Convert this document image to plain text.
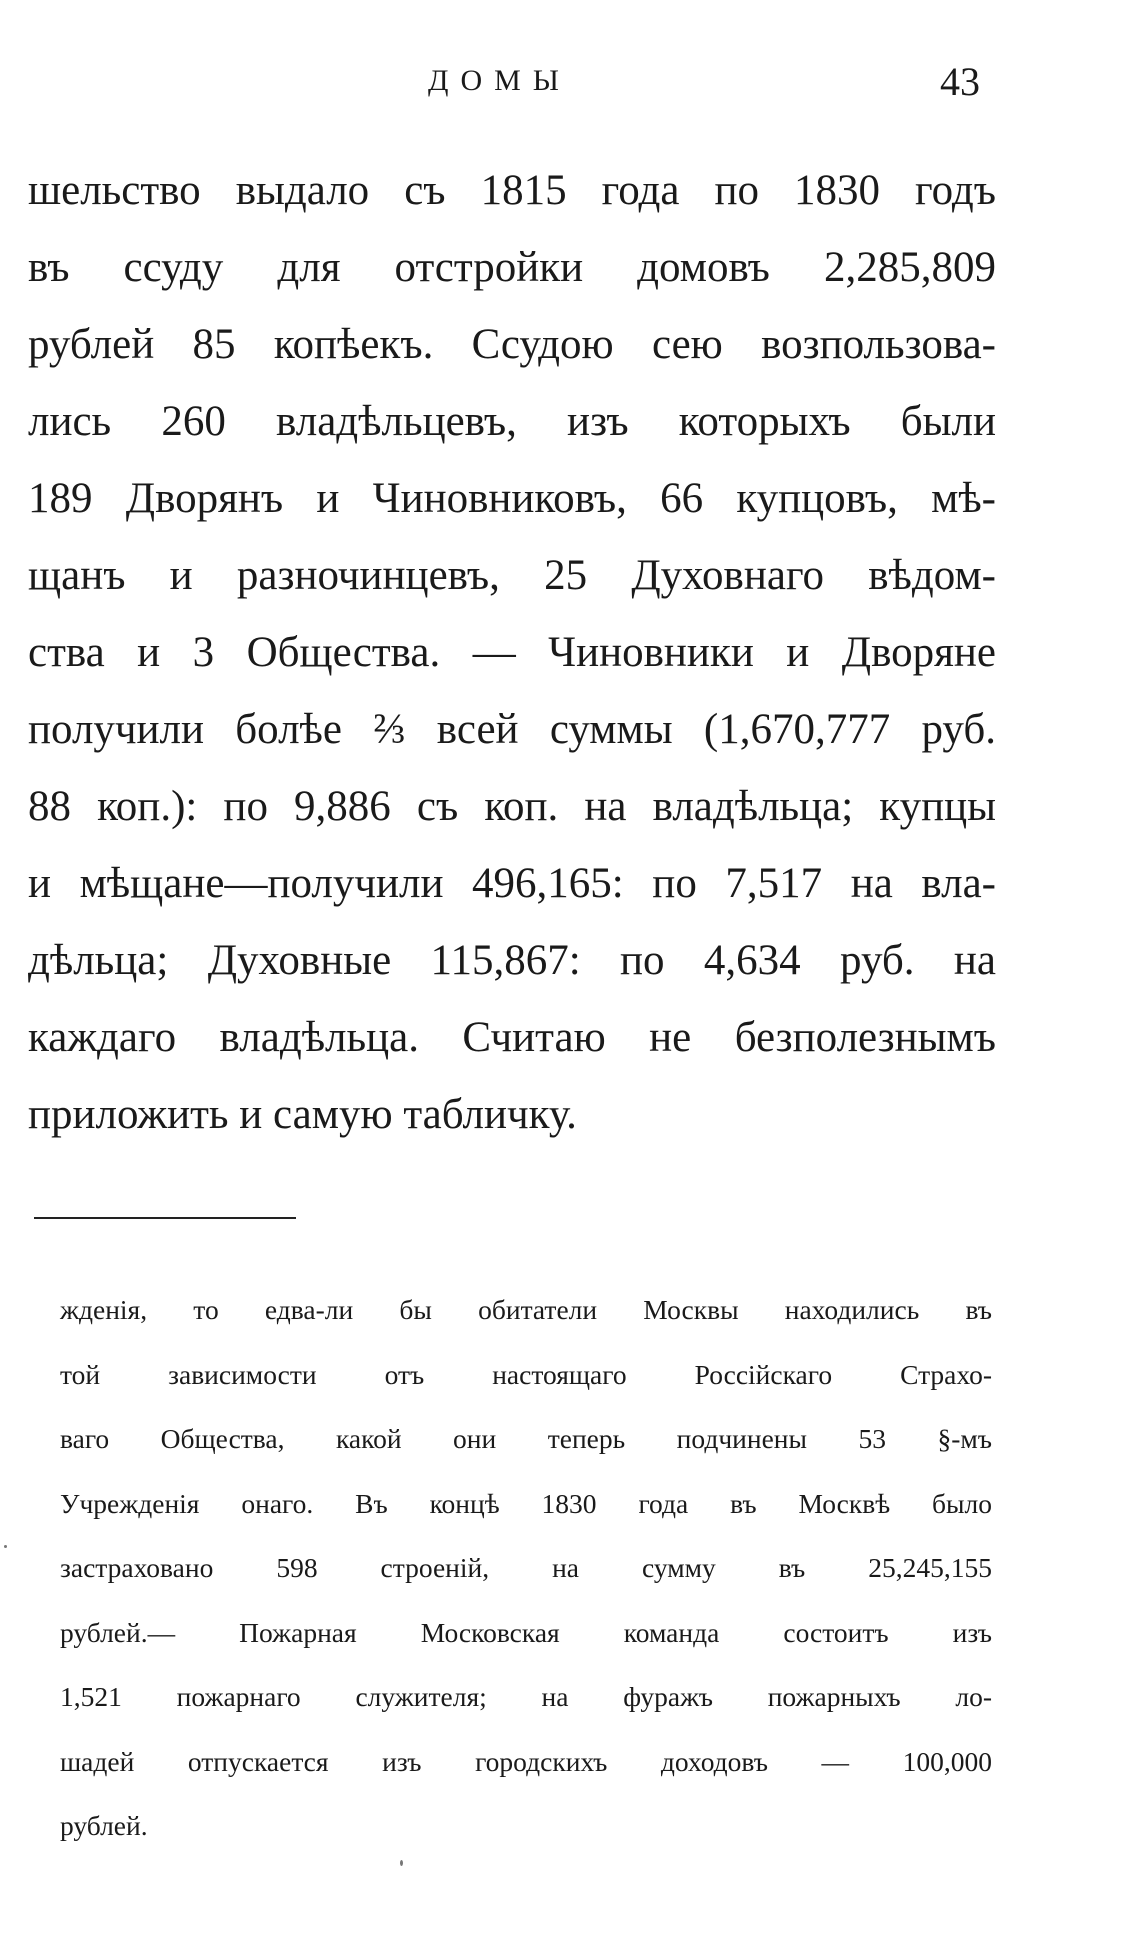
ДОМЫ	43
шельство выдало съ 1815 года по 1830 годъ
въ ссуду для отстройки домовъ 2,285,809
рублей 85 копѣекъ. Ссудою сею возпользова-
лись 260 владѣльцевъ, изъ которыхъ были
189 Дворянъ и Чиновниковъ, 66 купцовъ, мѣ-
щанъ и разночинцевъ, 25 Духовнаго вѣдом-
ства и 3 Общества. — Чиновники и Дворяне
получили болѣе ⅔ всей суммы (1,670,777 руб.
88 коп.): по 9,886 съ коп. на владѣльца; купцы
и мѣщане—получили 496,165: по 7,517 на вла-
дѣльца; Духовные 115,867: по 4,634 руб. на
каждаго владѣльца. Считаю не безполезнымъ
приложить и самую табличку.
жденія, то едва-ли бы обитатели Москвы находились въ
той зависимости отъ настоящаго Россійскаго Страхо-
ваго Общества, какой они теперь подчинены 53 §-мъ
Учрежденія онаго. Въ концѣ 1830 года въ Москвѣ было
застраховано 598 строеній, на сумму въ 25,245,155
рублей.— Пожарная Московская команда состоитъ изъ
1,521 пожарнаго служителя; на фуражъ пожарныхъ ло-
шадей отпускается изъ городскихъ доходовъ — 100,000
рублей.
